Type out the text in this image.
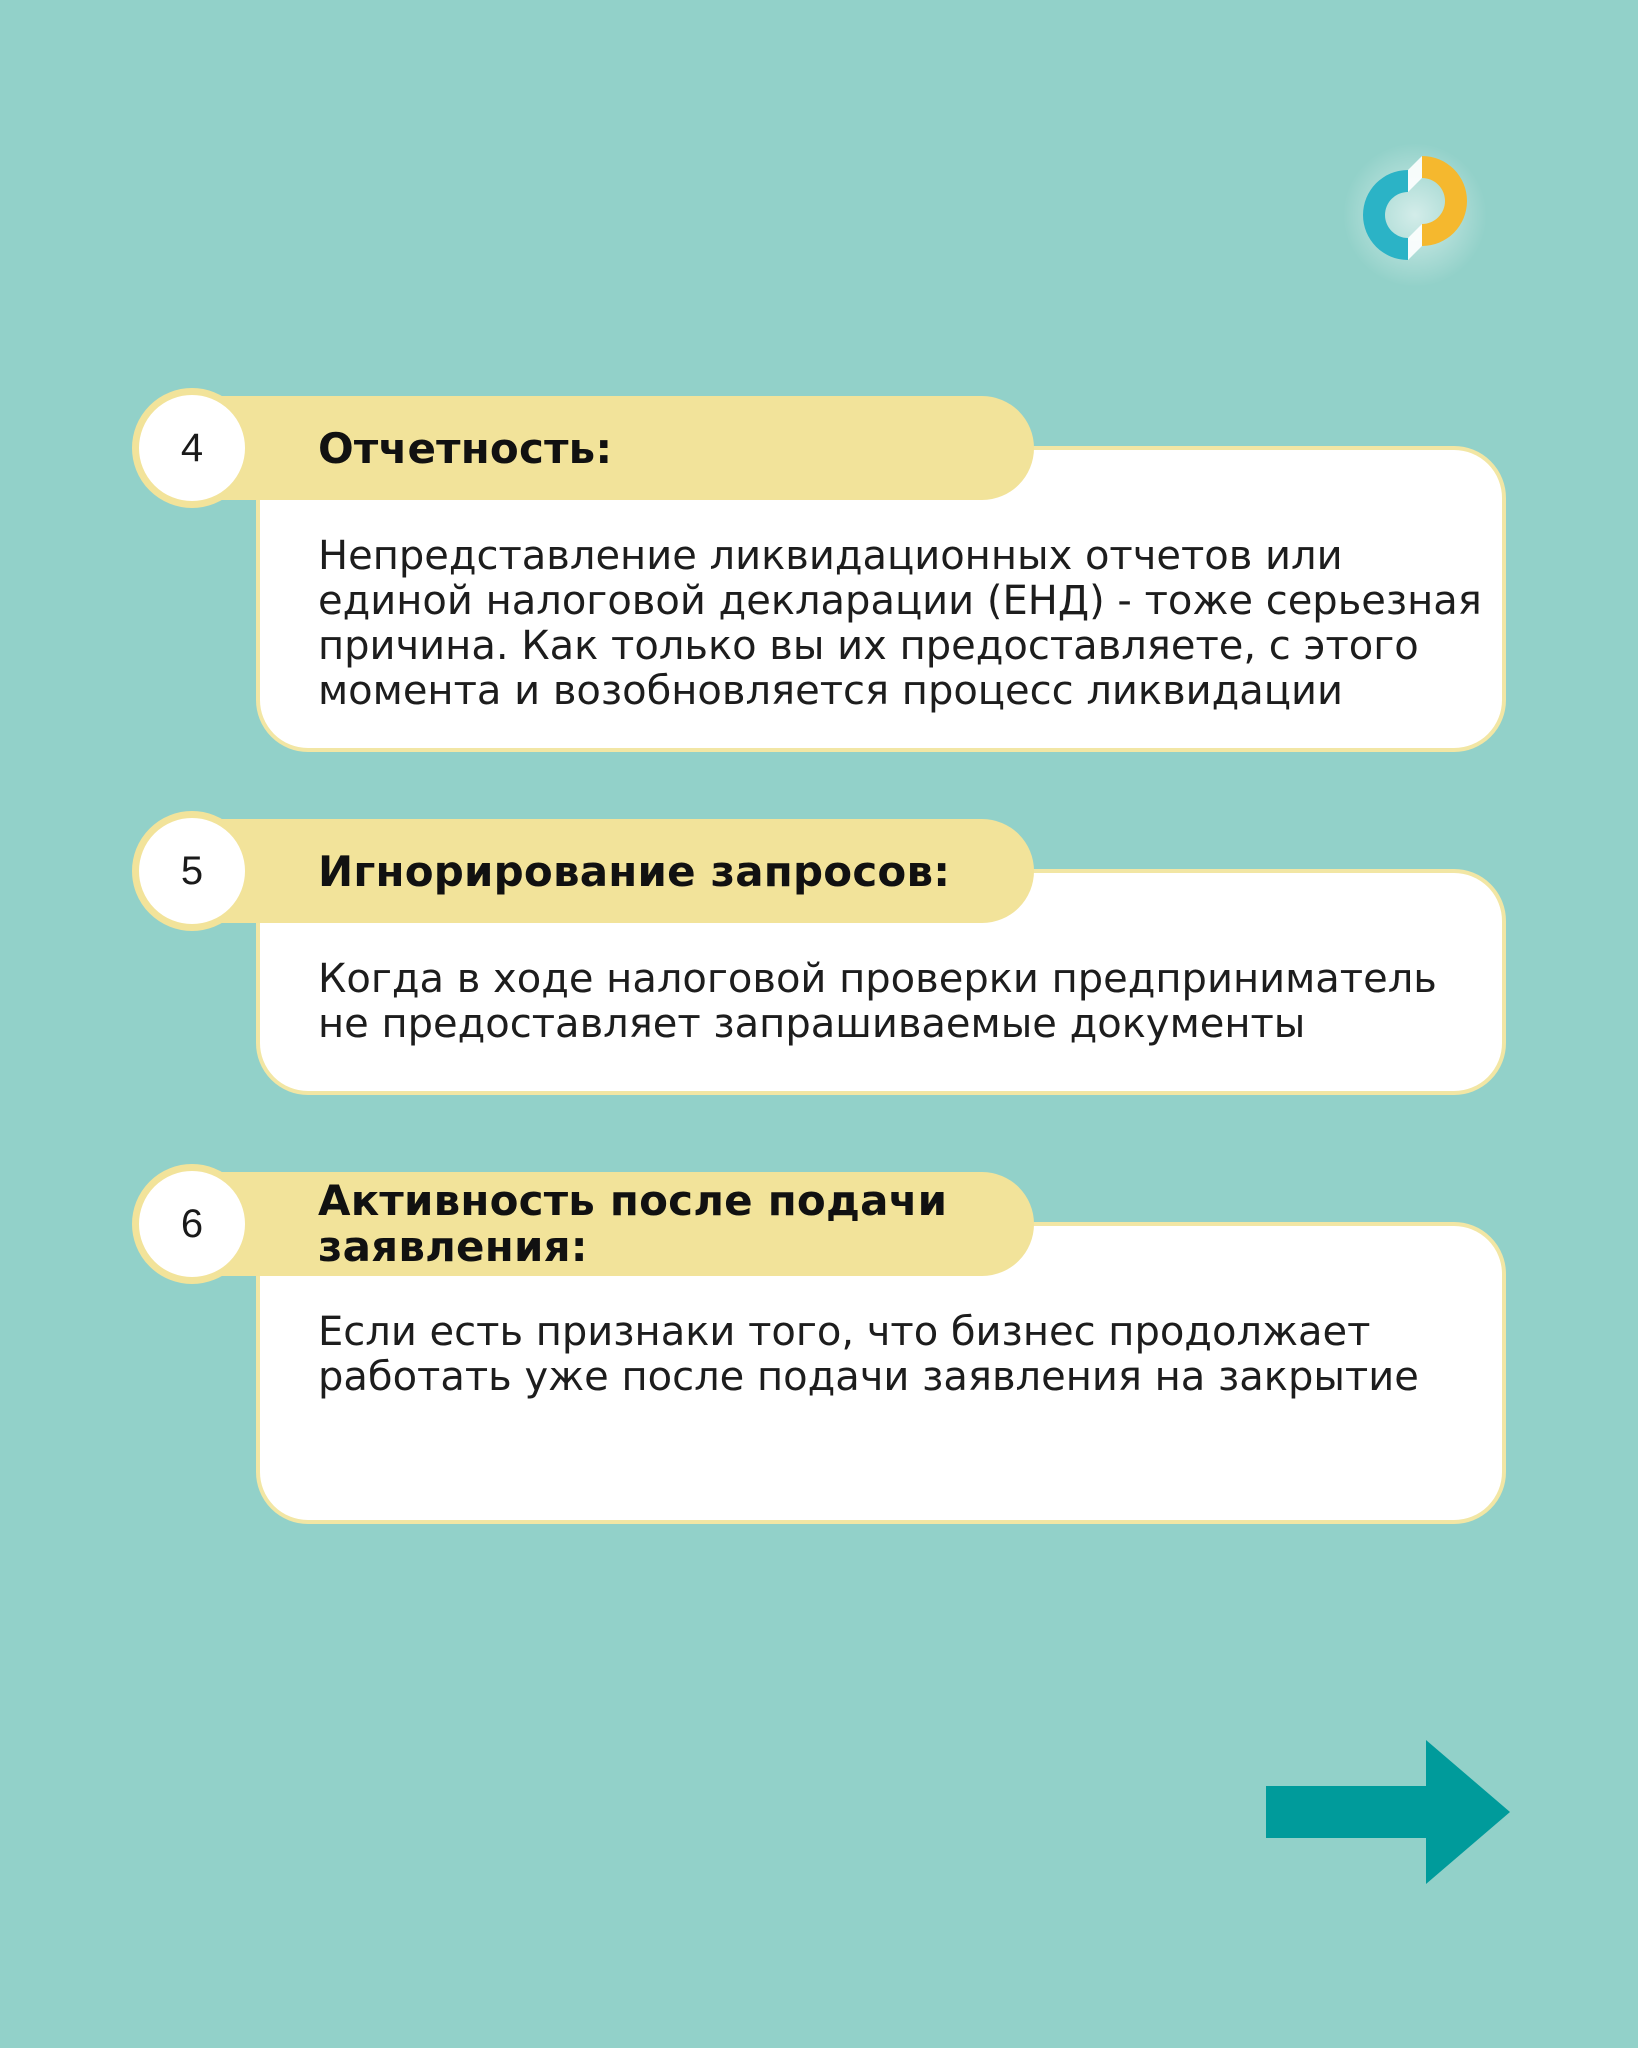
4	Отчетность:
Непредставление ликвидационных отчетов или
единой налоговой декларации (ЕНД) - тоже серьезная
причина. Как только вы их предоставляете, с этого
момента и возобновляется процесс ликвидации
5	Игнорирование запросов:
Когда в ходе налоговой проверки предприниматель
не предоставляет запрашиваемые документы
6	Активность после подачи
заявления:
Если есть признаки того, что бизнес продолжает
работать уже после подачи заявления на закрытие
